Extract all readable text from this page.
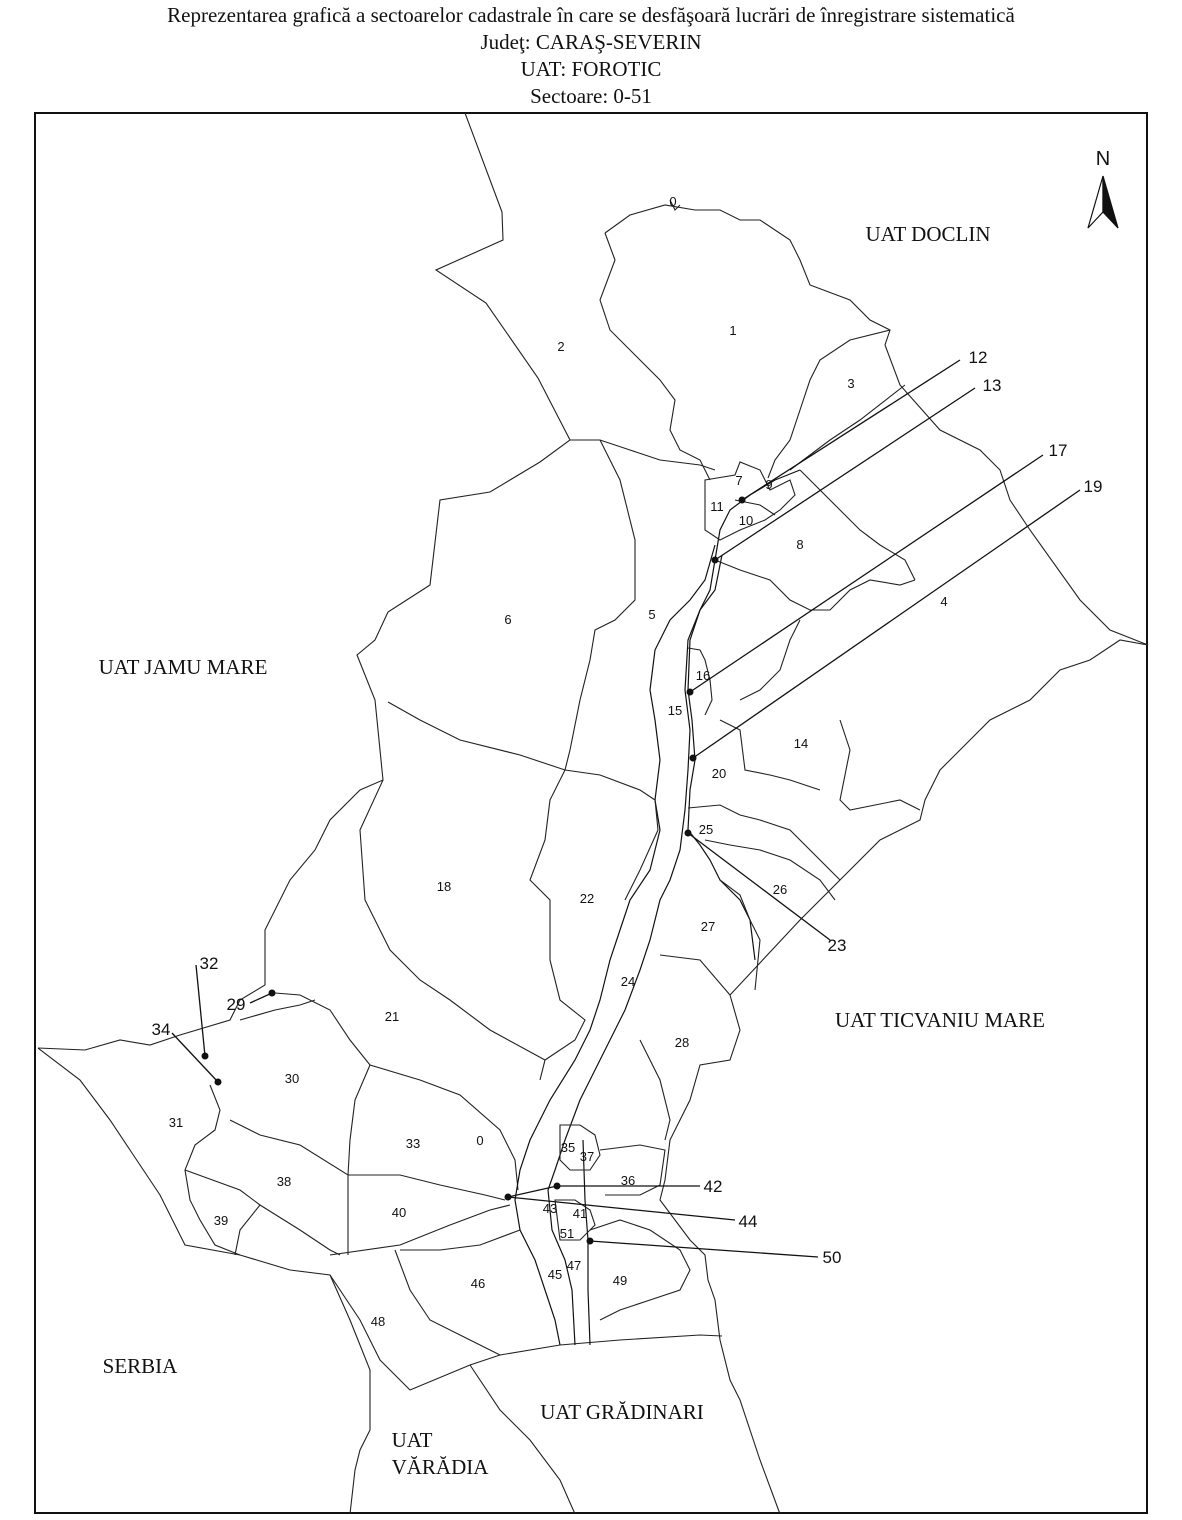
Reprezentarea grafică a sectoarelor cadastrale în care se desfăşoară lucrări de înregistrare sistematică
Judeţ: CARAŞ-SEVERIN
UAT: FOROTIC
Sectoare: 0-51
N
UAT DOCLIN
UAT JAMU MARE
UAT TICVANIU MARE
SERBIA
UAT GRĂDINARI
UAT
VĂRĂDIA
0
1
2
3
4
5
6
7
8
9
10
11
14
15
16
18
20
21
22
24
25
26
27
28
30
31
33	0	35
36
37
38
39
40	41
43
45
46
47
48
49
51
12
13
17
19
23
29
32
34
42
44
50
